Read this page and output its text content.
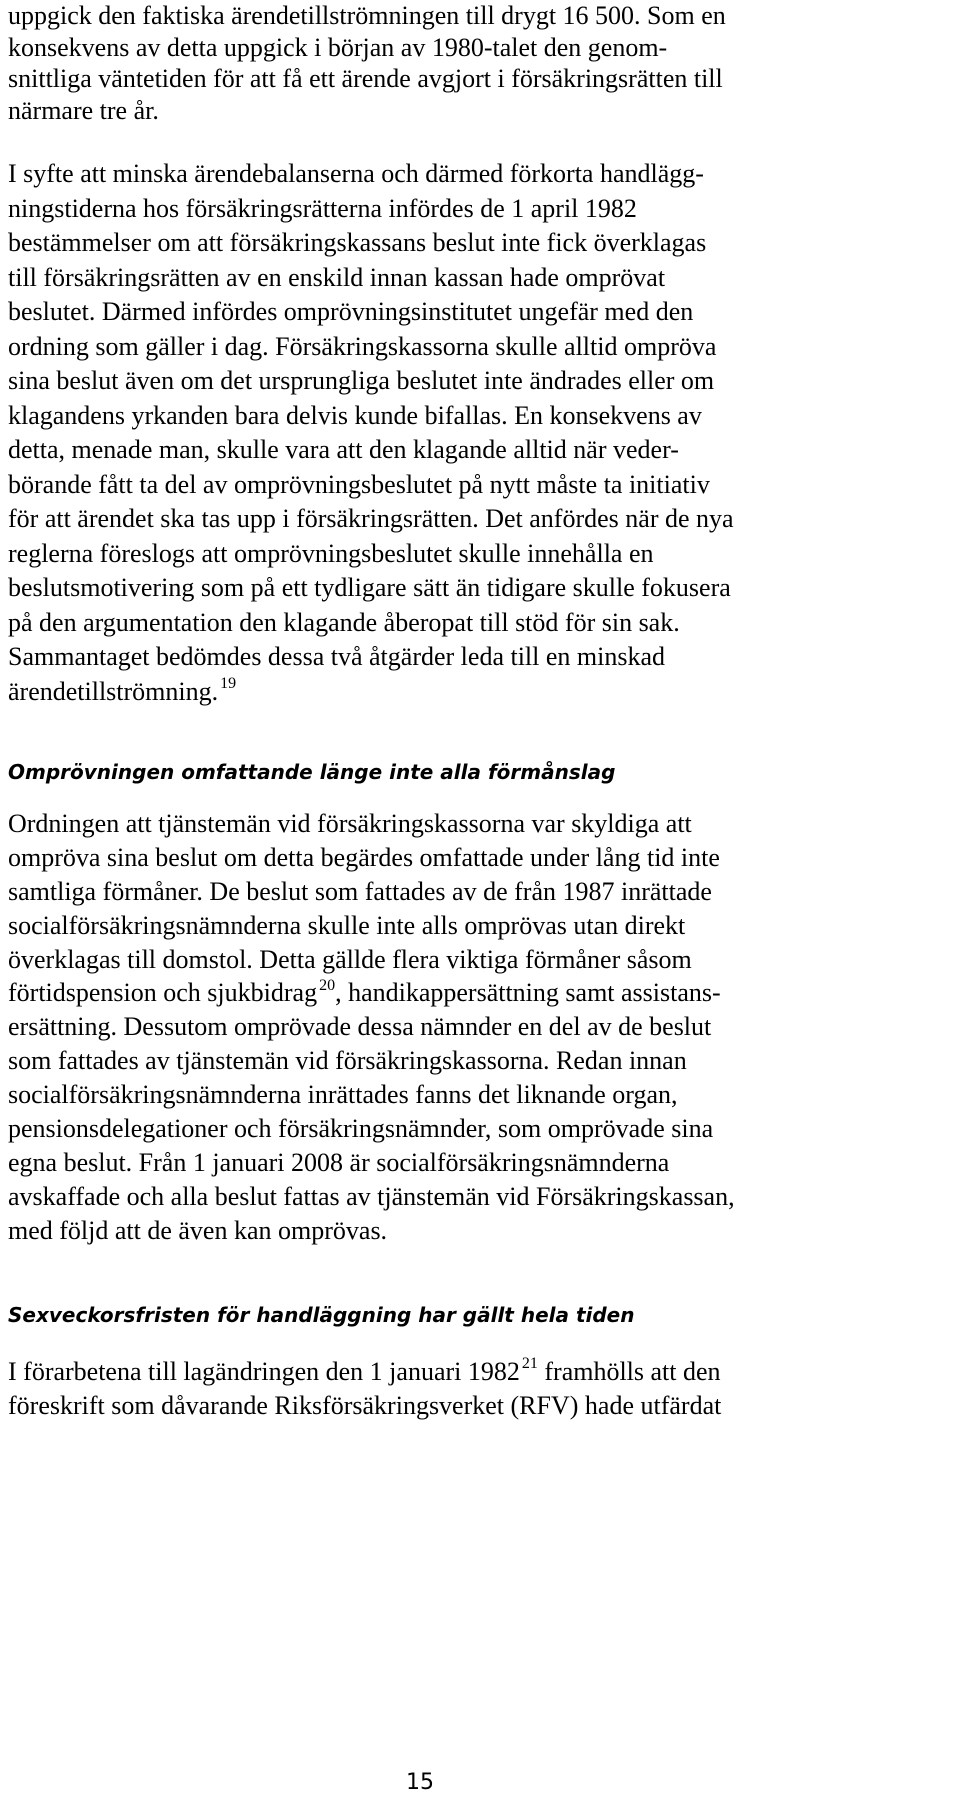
uppgick den faktiska ärendetillströmningen till drygt 16 500. Som en
konsekvens av detta uppgick i början av 1980-talet den genom-
snittliga väntetiden för att få ett ärende avgjort i försäkringsrätten till
närmare tre år.
I syfte att minska ärendebalanserna och därmed förkorta handlägg-
ningstiderna hos försäkringsrätterna infördes de 1 april 1982
bestämmelser om att försäkringskassans beslut inte fick överklagas
till försäkringsrätten av en enskild innan kassan hade omprövat
beslutet. Därmed infördes omprövningsinstitutet ungefär med den
ordning som gäller i dag. Försäkringskassorna skulle alltid ompröva
sina beslut även om det ursprungliga beslutet inte ändrades eller om
klagandens yrkanden bara delvis kunde bifallas. En konsekvens av
detta, menade man, skulle vara att den klagande alltid när veder-
börande fått ta del av omprövningsbeslutet på nytt måste ta initiativ
för att ärendet ska tas upp i försäkringsrätten. Det anfördes när de nya
reglerna föreslogs att omprövningsbeslutet skulle innehålla en
beslutsmotivering som på ett tydligare sätt än tidigare skulle fokusera
på den argumentation den klagande åberopat till stöd för sin sak.
Sammantaget bedömdes dessa två åtgärder leda till en minskad
ärendetillströmning. $^{19}$
Omprövningen omfattande länge inte alla förmånslag
Ordningen att tjänstemän vid försäkringskassorna var skyldiga att
ompröva sina beslut om detta begärdes omfattade under lång tid inte
samtliga förmåner. De beslut som fattades av de från 1987 inrättade
socialförsäkringsnämnderna skulle inte alls omprövas utan direkt
överklagas till domstol. Detta gällde flera viktiga förmåner såsom
förtidspension och sjukbidrag $^{20}$, handikappersättning samt assistans-
ersättning. Dessutom omprövade dessa nämnder en del av de beslut
som fattades av tjänstemän vid försäkringskassorna. Redan innan
socialförsäkringsnämnderna inrättades fanns det liknande organ,
pensionsdelegationer och försäkringsnämnder, som omprövade sina
egna beslut. Från 1 januari 2008 är socialförsäkringsnämnderna
avskaffade och alla beslut fattas av tjänstemän vid Försäkringskassan,
med följd att de även kan omprövas.
Sexveckorsfristen för handläggning har gällt hela tiden
I förarbetena till lagändringen den 1 januari 1982 $^{21}$ framhölls att den
föreskrift som dåvarande Riksförsäkringsverket (RFV) hade utfärdat

15
